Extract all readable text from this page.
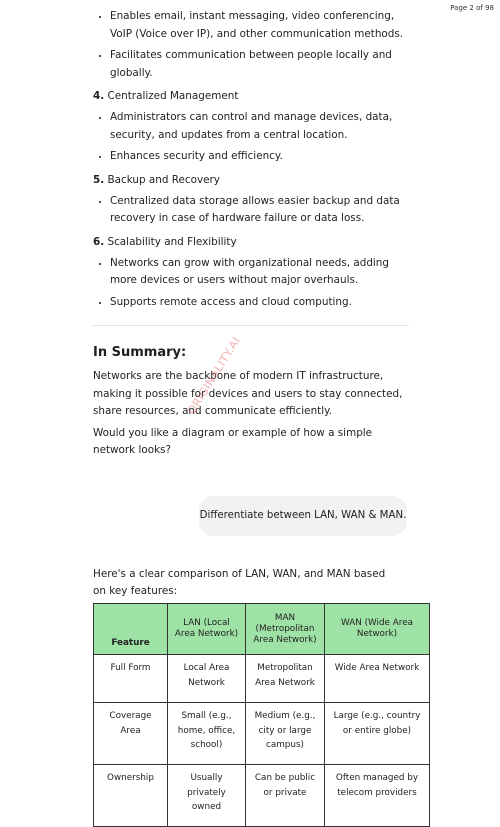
Page 2 of 98
• Enables email, instant messaging, video conferencing, VoIP (Voice over IP), and other communication methods.
• Facilitates communication between people locally and globally.
4. Centralized Management
• Administrators can control and manage devices, data, security, and updates from a central location.
• Enhances security and efficiency.
5. Backup and Recovery
• Centralized data storage allows easier backup and data recovery in case of hardware failure or data loss.
6. Scalability and Flexibility
• Networks can grow with organizational needs, adding more devices or users without major overhauls.
• Supports remote access and cloud computing.
In Summary:

Networks are the backbone of modern IT infrastructure, making it possible for devices and users to stay connected, share resources, and communicate efficiently.

Would you like a diagram or example of how a simple network looks?

ORIGINALITY.AI
Differentiate between LAN, WAN & MAN.
Here's a clear comparison of LAN, WAN, and MAN based on key features:
Feature	LAN (Local Area Network)	MAN (Metropolitan Area Network)	WAN (Wide Area Network)
Full Form	Local Area Network	Metropolitan Area Network	Wide Area Network
Coverage Area	Small (e.g., home, office, school)	Medium (e.g., city or large campus)	Large (e.g., country or entire globe)
Ownership	Usually privately owned	Can be public or private	Often managed by telecom providers
